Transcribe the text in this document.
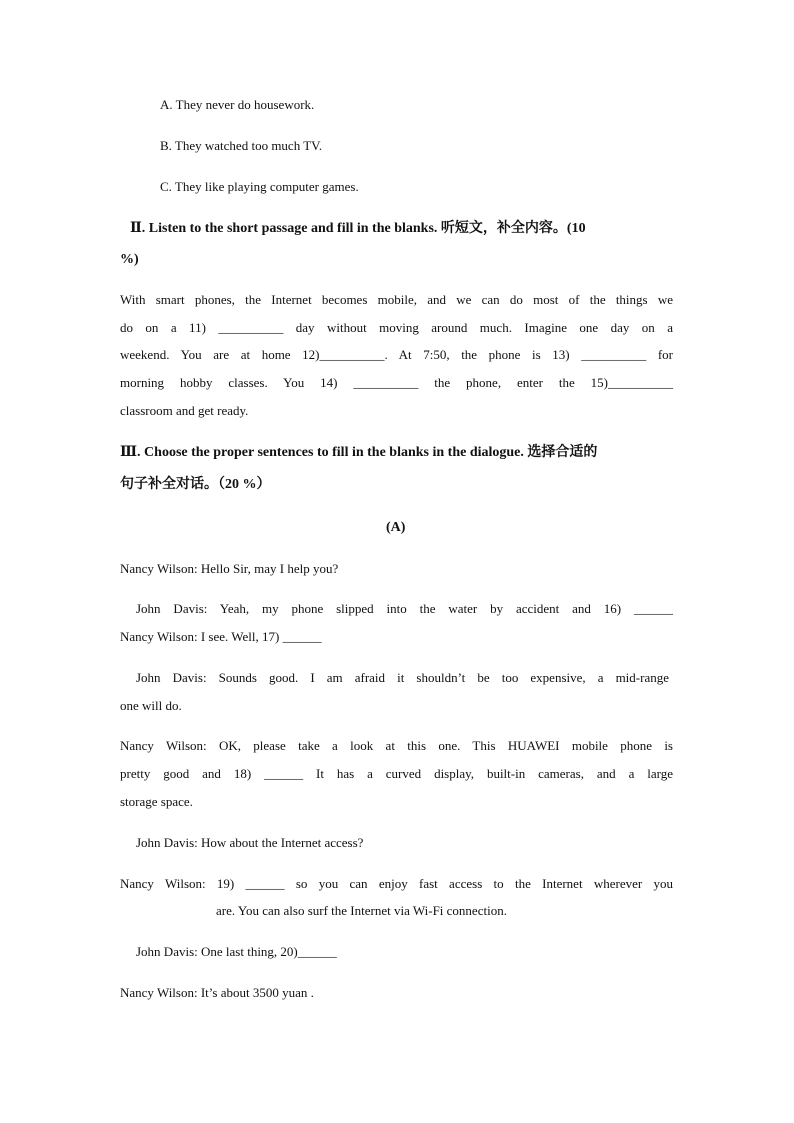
A. They never do housework.
B. They watched too much TV.
C. They like playing computer games.
Ⅱ. Listen to the short passage and fill in the blanks. 听短文，补全内容。(10
%)
With smart phones, the Internet becomes mobile, and we can do most of the things we
do on a 11) __________ day without moving around much. Imagine one day on a
weekend. You are at home 12)__________. At 7:50, the phone is 13) __________ for
morning hobby classes. You 14) __________ the phone, enter the 15)__________
classroom and get ready.
Ⅲ. Choose the proper sentences to fill in the blanks in the dialogue. 选择合适的
句子补全对话。（20 %）
(A)
Nancy Wilson: Hello Sir, may I help you?
John Davis: Yeah, my phone slipped into the water by accident and 16) ______
Nancy Wilson: I see. Well, 17) ______
John Davis: Sounds good. I am afraid it shouldn’t be too expensive, a mid-range
one will do.
Nancy Wilson: OK, please take a look at this one. This HUAWEI mobile phone is
pretty good and 18) ______ It has a curved display, built-in cameras, and a large
storage space.
John Davis: How about the Internet access?
Nancy Wilson: 19) ______ so you can enjoy fast access to the Internet wherever you
are. You can also surf the Internet via Wi-Fi connection.
John Davis: One last thing, 20)______
Nancy Wilson: It’s about 3500 yuan .
